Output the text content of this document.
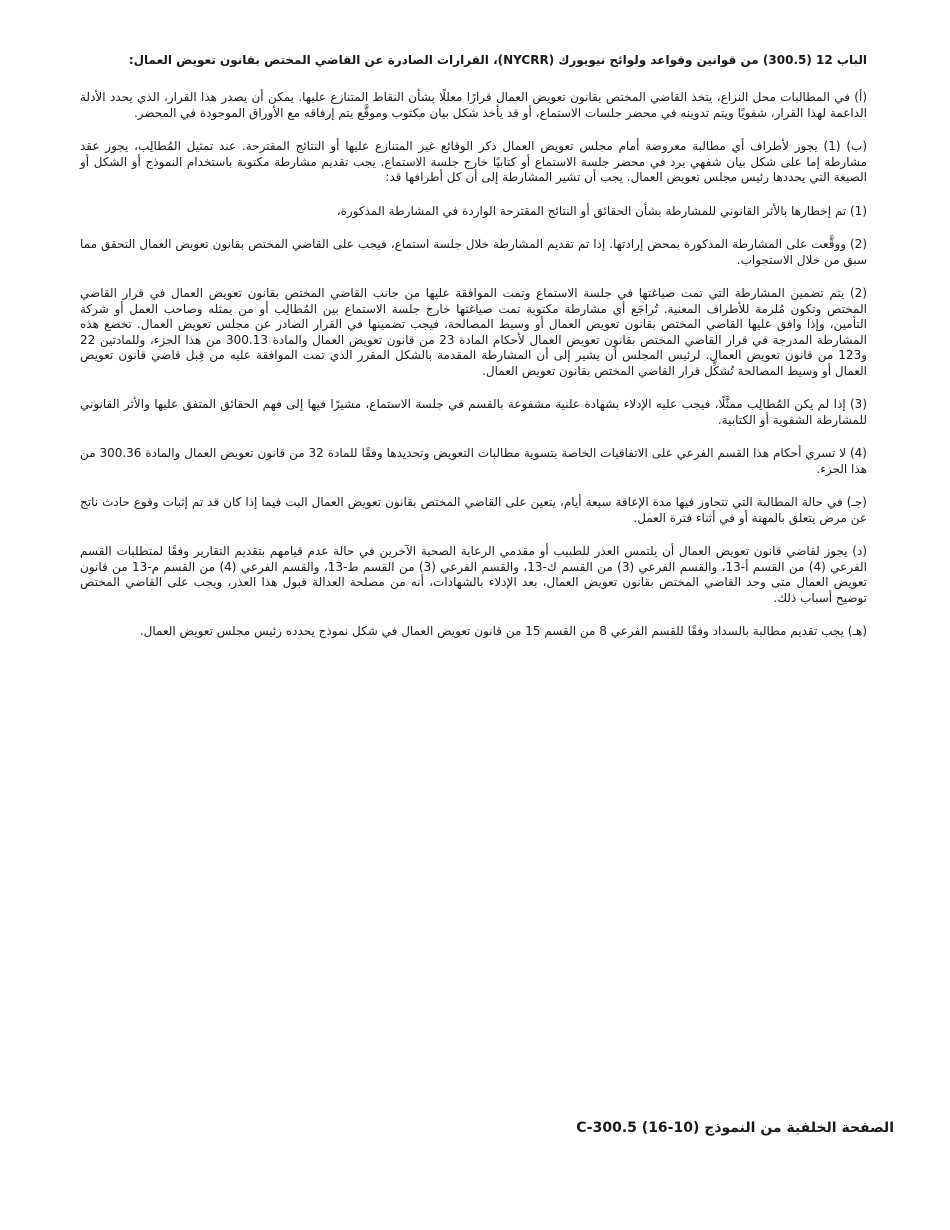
الباب 12 (300.5) من قوانين وقواعد ولوائح نيويورك (NYCRR)، القرارات الصادرة عن القاضي المختص بقانون تعويض العمال:

(أ) في المطالبات محل النزاع، يتخذ القاضي المختص بقانون تعويض العمال قرارًا معللًا بشأن النقاط المتنازع عليها. يمكن أن يصدر هذا القرار، الذي يحدد الأدلة الداعمة لهذا القرار، شفويًا ويتم تدوينه في محضر جلسات الاستماع، أو قد يأخذ شكل بيان مكتوب وموقَّع يتم إرفاقه مع الأوراق الموجودة في المحضر.

(ب) (1) يجوز لأطراف أي مطالبة معروضة أمام مجلس تعويض العمال ذكر الوقائع غير المتنازع عليها أو النتائج المقترحة. عند تمثيل المُطالِب، يجوز عقد مشارطة إما على شكل بيان شفهي يرد في محضر جلسة الاستماع أو كتابيًا خارج جلسة الاستماع. يجب تقديم مشارطة مكتوبة باستخدام النموذج أو الشكل أو الصيغة التي يحددها رئيس مجلس تعويض العمال. يجب أن تشير المشارطة إلى أن كل أطرافها قد:

(1) تم إخطارها بالأثر القانوني للمشارطة بشأن الحقائق أو النتائج المقترحة الواردة في المشارطة المذكورة،

(2) ووقَّعت على المشارطة المذكورة بمحض إرادتها. إذا تم تقديم المشارطة خلال جلسة استماع، فيجب على القاضي المختص بقانون تعويض العمال التحقق مما سبق من خلال الاستجواب.

(2) يتم تضمين المشارطة التي تمت صياغتها في جلسة الاستماع وتمت الموافقة عليها من جانب القاضي المختص بقانون تعويض العمال في قرار القاضي المختص وتكون مُلزمة للأطراف المعنية. تُراجَع أي مشارطة مكتوبة تمت صياغتها خارج جلسة الاستماع بين المُطالِب أو من يمثله وصاحب العمل أو شركة التأمين، وإذا وافق عليها القاضي المختص بقانون تعويض العمال أو وسيط المصالحة، فيجب تضمينها في القرار الصادر عن مجلس تعويض العمال. تخضع هذه المشارطة المدرجة في قرار القاضي المختص بقانون تعويض العمال لأحكام المادة 23 من قانون تعويض العمال والمادة 300.13 من هذا الجزء، وللمادتين 22 و123 من قانون تعويض العمال. لرئيس المجلس أن يشير إلى أن المشارطة المقدمة بالشكل المقرر الذي تمت الموافقة عليه من قِبل قاضي قانون تعويض العمال أو وسيط المصالحة تُشكِّل قرار القاضي المختص بقانون تعويض العمال.

(3) إذا لم يكن المُطالِب ممثَّلًا، فيجب عليه الإدلاء بشهادة علنية مشفوعة بالقسم في جلسة الاستماع، مشيرًا فيها إلى فهم الحقائق المتفق عليها والأثر القانوني للمشارطة الشفوية أو الكتابية.

(4) لا تسري أحكام هذا القسم الفرعي على الاتفاقيات الخاصة بتسوية مطالبات التعويض وتحديدها وفقًا للمادة 32 من قانون تعويض العمال والمادة 300.36 من هذا الجزء.

(جـ) في حالة المطالبة التي تتجاوز فيها مدة الإعاقة سبعة أيام، يتعين على القاضي المختص بقانون تعويض العمال البت فيما إذا كان قد تم إثبات وقوع حادث ناتج عن مرض يتعلق بالمهنة أو في أثناء فترة العمل.

(د) يجوز لقاضي قانون تعويض العمال أن يلتمس العذر للطبيب أو مقدمي الرعاية الصحية الآخرين في حالة عدم قيامهم بتقديم التقارير وفقًا لمتطلبات القسم الفرعي (4) من القسم أ-13، والقسم الفرعي (3) من القسم ك-13، والقسم الفرعي (3) من القسم ط-13، والقسم الفرعي (4) من القسم م-13 من قانون تعويض العمال متى وجد القاضي المختص بقانون تعويض العمال، بعد الإدلاء بالشهادات، أنه من مصلحة العدالة قبول هذا العذر، ويجب على القاضي المختص توضيح أسباب ذلك.

(هـ) يجب تقديم مطالبة بالسداد وفقًا للقسم الفرعي 8 من القسم 15 من قانون تعويض العمال في شكل نموذج يحدده رئيس مجلس تعويض العمال.

الصفحة الخلفية من النموذج (10-16) C-300.5
